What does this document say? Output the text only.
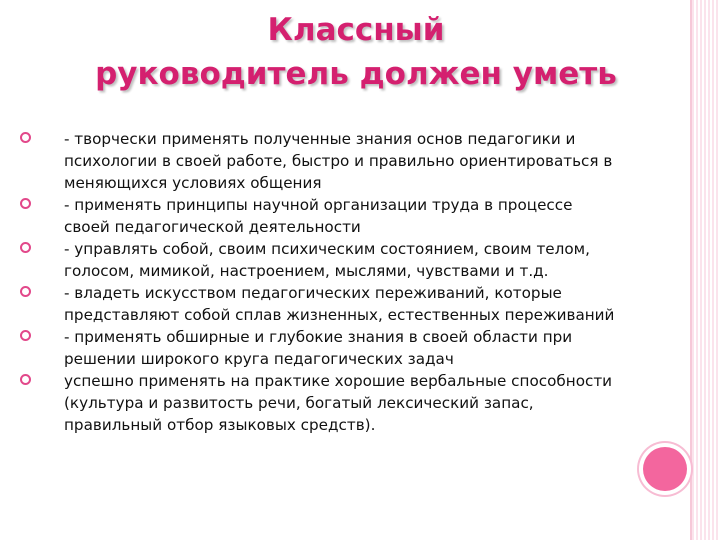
Классный
руководитель должен уметь
- творчески применять полученные знания основ педагогики и психологии в своей работе, быстро и правильно ориентироваться в меняющихся условиях общения
- применять принципы научной организации труда в процессе своей педагогической деятельности
- управлять собой, своим психическим состоянием, своим телом, голосом, мимикой, настроением, мыслями, чувствами и т.д.
- владеть искусством педагогических переживаний, которые представляют собой сплав жизненных, естественных переживаний
- применять обширные и глубокие знания в своей области при решении широкого круга педагогических задач
успешно применять на практике хорошие вербальные способности (культура и развитость речи, богатый лексический запас, правильный отбор языковых средств).
